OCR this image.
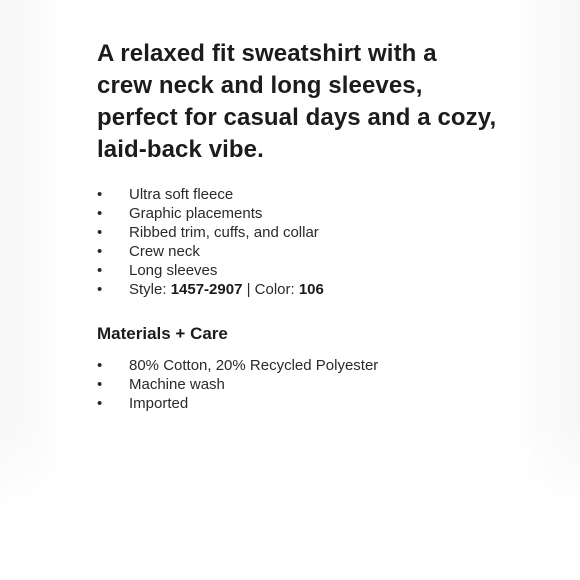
A relaxed fit sweatshirt with a crew neck and long sleeves, perfect for casual days and a cozy, laid-back vibe.
•	Ultra soft fleece
•	Graphic placements
•	Ribbed trim, cuffs, and collar
•	Crew neck
•	Long sleeves
•	Style: 1457-2907 | Color: 106
Materials + Care
•	80% Cotton, 20% Recycled Polyester
•	Machine wash
•	Imported
